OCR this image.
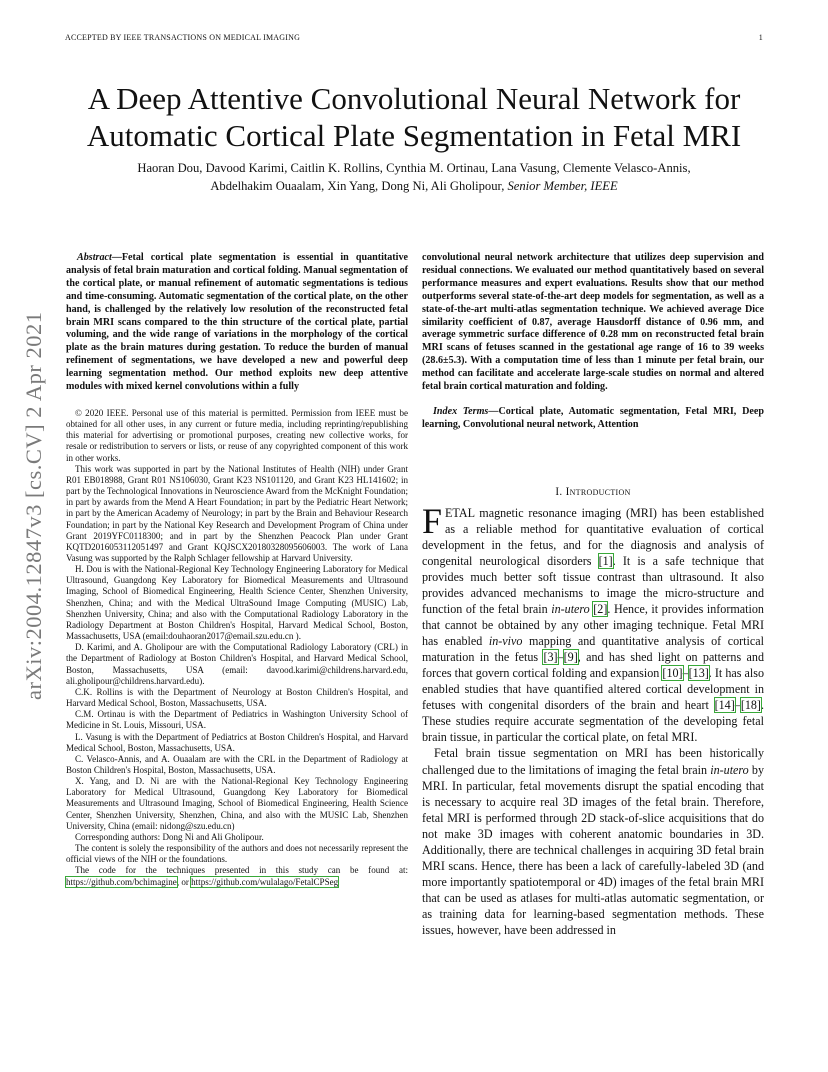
ACCEPTED BY IEEE TRANSACTIONS ON MEDICAL IMAGING	1
A Deep Attentive Convolutional Neural Network for
Automatic Cortical Plate Segmentation in Fetal MRI
Haoran Dou, Davood Karimi, Caitlin K. Rollins, Cynthia M. Ortinau, Lana Vasung, Clemente Velasco-Annis,
Abdelhakim Ouaalam, Xin Yang, Dong Ni, Ali Gholipour, Senior Member, IEEE
arXiv:2004.12847v3 [cs.CV] 2 Apr 2021

Abstract—Fetal cortical plate segmentation is essential in quantitative analysis of fetal brain maturation and cortical folding. Manual segmentation of the cortical plate, or manual refinement of automatic segmentations is tedious and time-consuming. Automatic segmentation of the cortical plate, on the other hand, is challenged by the relatively low resolution of the reconstructed fetal brain MRI scans compared to the thin structure of the cortical plate, partial voluming, and the wide range of variations in the morphology of the cortical plate as the brain matures during gestation. To reduce the burden of manual refinement of segmentations, we have developed a new and powerful deep learning segmentation method. Our method exploits new deep attentive modules with mixed kernel convolutions within a fully

© 2020 IEEE. Personal use of this material is permitted. Permission from IEEE must be obtained for all other uses, in any current or future media, including reprinting/republishing this material for advertising or promotional purposes, creating new collective works, for resale or redistribution to servers or lists, or reuse of any copyrighted component of this work in other works.

This work was supported in part by the National Institutes of Health (NIH) under Grant R01 EB018988, Grant R01 NS106030, Grant K23 NS101120, and Grant K23 HL141602; in part by the Technological Innovations in Neuroscience Award from the McKnight Foundation; in part by awards from the Mend A Heart Foundation; in part by the Pediatric Heart Network; in part by the American Academy of Neurology; in part by the Brain and Behaviour Research Foundation; in part by the National Key Research and Development Program of China under Grant 2019YFC0118300; and in part by the Shenzhen Peacock Plan under Grant KQTD2016053112051497 and Grant KQJSCX20180328095606003. The work of Lana Vasung was supported by the Ralph Schlager fellowship at Harvard University.

H. Dou is with the National-Regional Key Technology Engineering Laboratory for Medical Ultrasound, Guangdong Key Laboratory for Biomedical Measurements and Ultrasound Imaging, School of Biomedical Engineering, Health Science Center, Shenzhen University, Shenzhen, China; and with the Medical UltraSound Image Computing (MUSIC) Lab, Shenzhen University, China; and also with the Computational Radiology Laboratory in the Radiology Department at Boston Children's Hospital, Harvard Medical School, Boston, Massachusetts, USA (email:douhaoran2017@email.szu.edu.cn ).

D. Karimi, and A. Gholipour are with the Computational Radiology Laboratory (CRL) in the Department of Radiology at Boston Children's Hospital, and Harvard Medical School, Boston, Massachusetts, USA (email: davood.karimi@childrens.harvard.edu, ali.gholipour@childrens.harvard.edu).

C.K. Rollins is with the Department of Neurology at Boston Children's Hospital, and Harvard Medical School, Boston, Massachusetts, USA.

C.M. Ortinau is with the Department of Pediatrics in Washington University School of Medicine in St. Louis, Missouri, USA.

L. Vasung is with the Department of Pediatrics at Boston Children's Hospital, and Harvard Medical School, Boston, Massachusetts, USA.

C. Velasco-Annis, and A. Ouaalam are with the CRL in the Department of Radiology at Boston Children's Hospital, Boston, Massachusetts, USA.

X. Yang, and D. Ni are with the National-Regional Key Technology Engineering Laboratory for Medical Ultrasound, Guangdong Key Laboratory for Biomedical Measurements and Ultrasound Imaging, School of Biomedical Engineering, Health Science Center, Shenzhen University, Shenzhen, China, and also with the MUSIC Lab, Shenzhen University, China (email: nidong@szu.edu.cn)

Corresponding authors: Dong Ni and Ali Gholipour.

The content is solely the responsibility of the authors and does not necessarily represent the official views of the NIH or the foundations.

The code for the techniques presented in this study can be found at: https://github.com/bchimagine, or https://github.com/wulalago/FetalCPSeg

convolutional neural network architecture that utilizes deep supervision and residual connections. We evaluated our method quantitatively based on several performance measures and expert evaluations. Results show that our method outperforms several state-of-the-art deep models for segmentation, as well as a state-of-the-art multi-atlas segmentation technique. We achieved average Dice similarity coefficient of 0.87, average Hausdorff distance of 0.96 mm, and average symmetric surface difference of 0.28 mm on reconstructed fetal brain MRI scans of fetuses scanned in the gestational age range of 16 to 39 weeks (28.6±5.3). With a computation time of less than 1 minute per fetal brain, our method can facilitate and accelerate large-scale studies on normal and altered fetal brain cortical maturation and folding.

Index Terms—Cortical plate, Automatic segmentation, Fetal MRI, Deep learning, Convolutional neural network, Attention

I. Introduction

FETAL magnetic resonance imaging (MRI) has been established as a reliable method for quantitative evaluation of cortical development in the fetus, and for the diagnosis and analysis of congenital neurological disorders [1]. It is a safe technique that provides much better soft tissue contrast than ultrasound. It also provides advanced mechanisms to image the micro-structure and function of the fetal brain in-utero [2]. Hence, it provides information that cannot be obtained by any other imaging technique. Fetal MRI has enabled in-vivo mapping and quantitative analysis of cortical maturation in the fetus [3]–[9], and has shed light on patterns and forces that govern cortical folding and expansion [10]–[13]. It has also enabled studies that have quantified altered cortical development in fetuses with congenital disorders of the brain and heart [14]–[18]. These studies require accurate segmentation of the developing fetal brain tissue, in particular the cortical plate, on fetal MRI.

Fetal brain tissue segmentation on MRI has been historically challenged due to the limitations of imaging the fetal brain in-utero by MRI. In particular, fetal movements disrupt the spatial encoding that is necessary to acquire real 3D images of the fetal brain. Therefore, fetal MRI is performed through 2D stack-of-slice acquisitions that do not make 3D images with coherent anatomic boundaries in 3D. Additionally, there are technical challenges in acquiring 3D fetal brain MRI scans. Hence, there has been a lack of carefully-labeled 3D (and more importantly spatiotemporal or 4D) images of the fetal brain MRI that can be used as atlases for multi-atlas automatic segmentation, or as training data for learning-based segmentation methods. These issues, however, have been addressed in
